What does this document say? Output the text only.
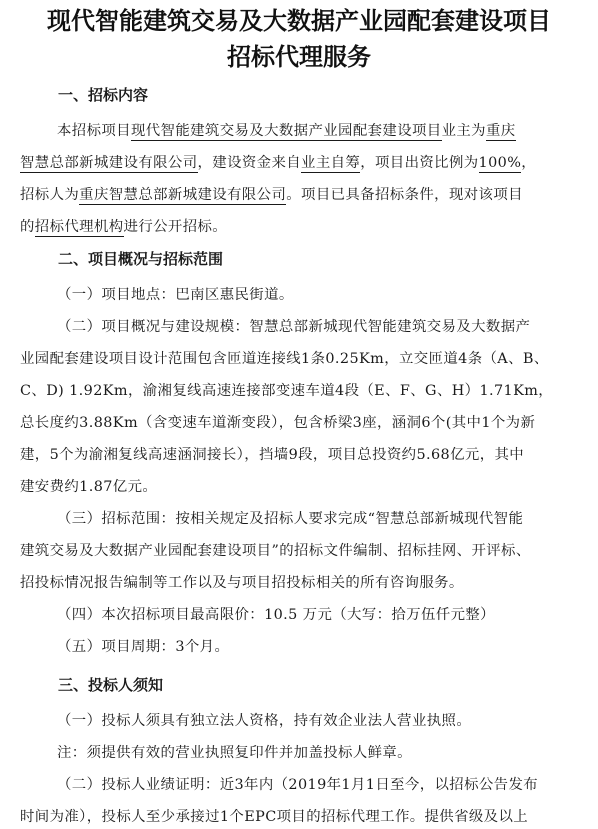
现代智能建筑交易及大数据产业园配套建设项目
招标代理服务
一、招标内容
本招标项目现代智能建筑交易及大数据产业园配套建设项目业主为重庆
智慧总部新城建设有限公司，建设资金来自业主自筹，项目出资比例为100%，
招标人为重庆智慧总部新城建设有限公司。项目已具备招标条件，现对该项目
的招标代理机构进行公开招标。
二、项目概况与招标范围
（一）项目地点：巴南区惠民街道。
（二）项目概况与建设规模：智慧总部新城现代智能建筑交易及大数据产
业园配套建设项目设计范围包含匝道连接线1条0.25Km，立交匝道4条（A、B、
C、D) 1.92Km，渝湘复线高速连接部变速车道4段（E、F、G、H）1.71Km，
总长度约3.88Km（含变速车道渐变段），包含桥梁3座，涵洞6个(其中1个为新
建，5个为渝湘复线高速涵洞接长），挡墙9段，项目总投资约5.68亿元，其中
建安费约1.87亿元。
（三）招标范围：按相关规定及招标人要求完成“智慧总部新城现代智能
建筑交易及大数据产业园配套建设项目”的招标文件编制、招标挂网、开评标、
招投标情况报告编制等工作以及与项目招投标相关的所有咨询服务。
（四）本次招标项目最高限价：10.5 万元（大写：拾万伍仟元整）
（五）项目周期：3个月。
三、投标人须知
（一）投标人须具有独立法人资格，持有效企业法人营业执照。
注：须提供有效的营业执照复印件并加盖投标人鲜章。
（二）投标人业绩证明：近3年内（2019年1月1日至今，以招标公告发布
时间为准），投标人至少承接过1个EPC项目的招标代理工作。提供省级及以上
